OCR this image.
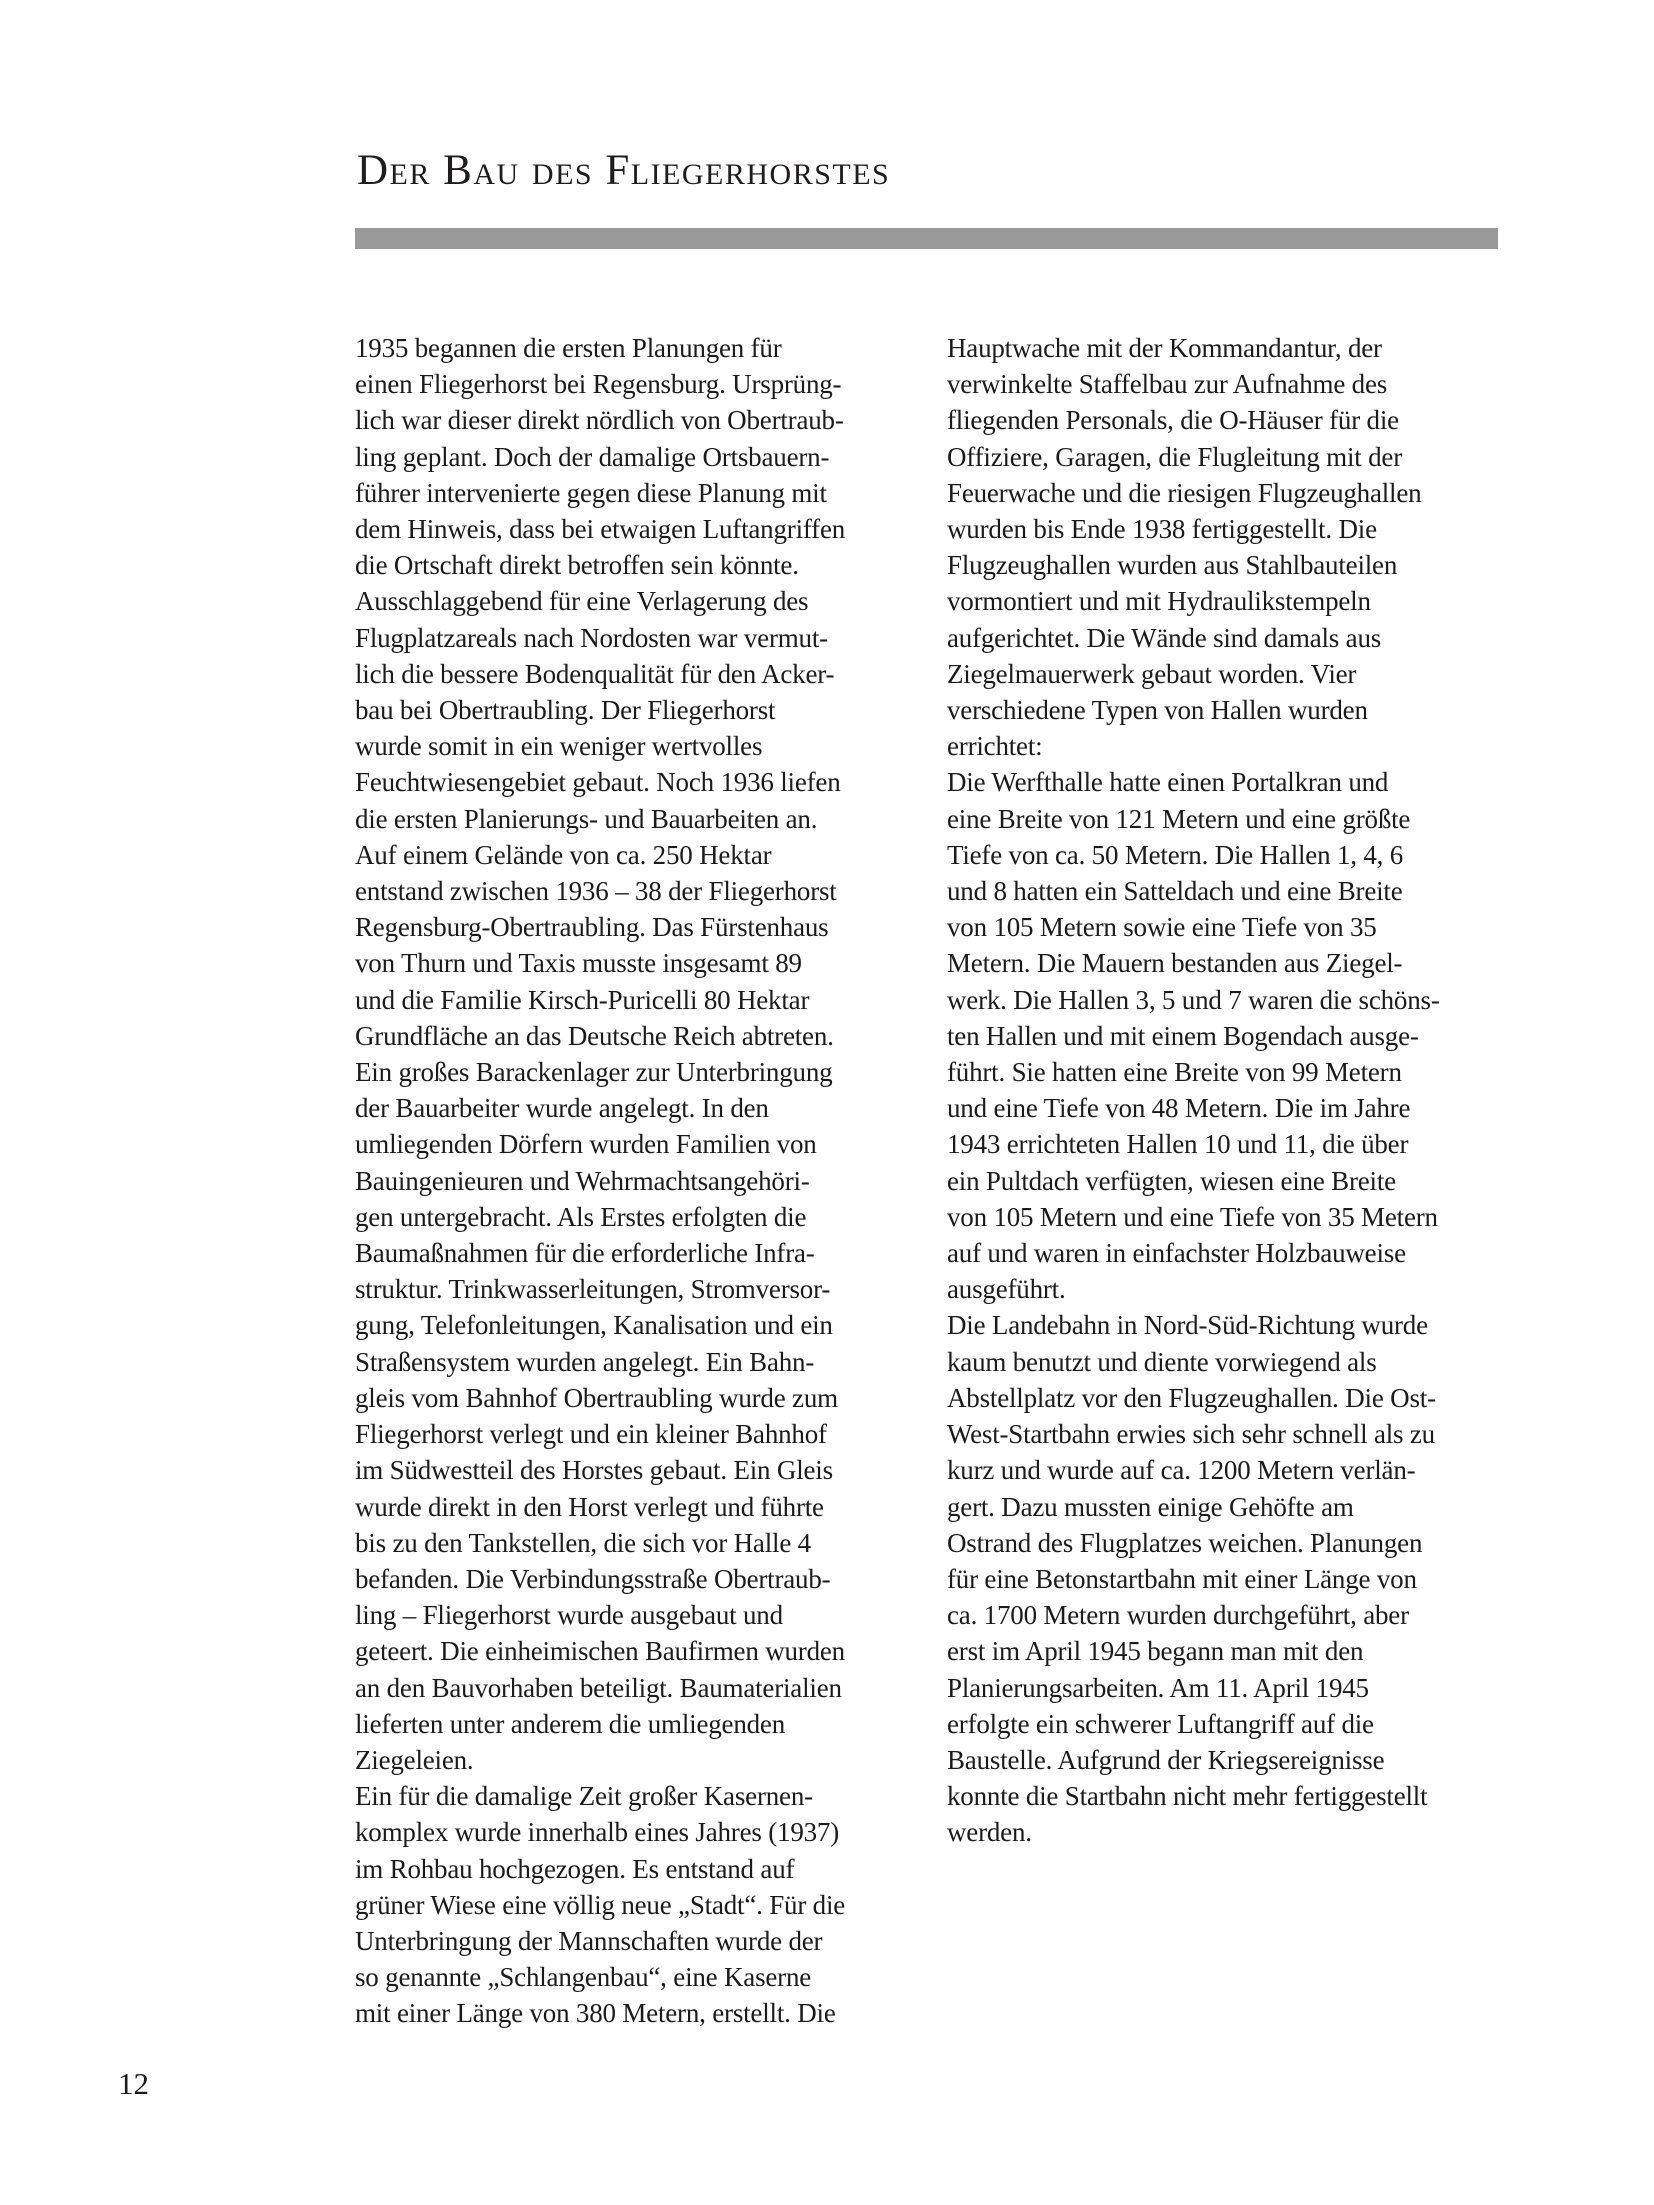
Der Bau des Fliegerhorstes
1935 begannen die ersten Planungen für
einen Fliegerhorst bei Regensburg. Ursprüng-
lich war dieser direkt nördlich von Obertraub-
ling geplant. Doch der damalige Ortsbauern-
führer intervenierte gegen diese Planung mit
dem Hinweis, dass bei etwaigen Luftangriffen
die Ortschaft direkt betroffen sein könnte.
Ausschlaggebend für eine Verlagerung des
Flugplatzareals nach Nordosten war vermut-
lich die bessere Bodenqualität für den Acker-
bau bei Obertraubling. Der Fliegerhorst
wurde somit in ein weniger wertvolles
Feuchtwiesengebiet gebaut. Noch 1936 liefen
die ersten Planierungs- und Bauarbeiten an.
Auf einem Gelände von ca. 250 Hektar
entstand zwischen 1936 – 38 der Fliegerhorst
Regensburg-Obertraubling. Das Fürstenhaus
von Thurn und Taxis musste insgesamt 89
und die Familie Kirsch-Puricelli 80 Hektar
Grundfläche an das Deutsche Reich abtreten.
Ein großes Barackenlager zur Unterbringung
der Bauarbeiter wurde angelegt. In den
umliegenden Dörfern wurden Familien von
Bauingenieuren und Wehrmachtsangehöri-
gen untergebracht. Als Erstes erfolgten die
Baumaßnahmen für die erforderliche Infra-
struktur. Trinkwasserleitungen, Stromversor-
gung, Telefonleitungen, Kanalisation und ein
Straßensystem wurden angelegt. Ein Bahn-
gleis vom Bahnhof Obertraubling wurde zum
Fliegerhorst verlegt und ein kleiner Bahnhof
im Südwestteil des Horstes gebaut. Ein Gleis
wurde direkt in den Horst verlegt und führte
bis zu den Tankstellen, die sich vor Halle 4
befanden. Die Verbindungsstraße Obertraub-
ling – Fliegerhorst wurde ausgebaut und
geteert. Die einheimischen Baufirmen wurden
an den Bauvorhaben beteiligt. Baumaterialien
lieferten unter anderem die umliegenden
Ziegeleien.
Ein für die damalige Zeit großer Kasernen-
komplex wurde innerhalb eines Jahres (1937)
im Rohbau hochgezogen. Es entstand auf
grüner Wiese eine völlig neue „Stadt“. Für die
Unterbringung der Mannschaften wurde der
so genannte „Schlangenbau“, eine Kaserne
mit einer Länge von 380 Metern, erstellt. Die
Hauptwache mit der Kommandantur, der
verwinkelte Staffelbau zur Aufnahme des
fliegenden Personals, die O-Häuser für die
Offiziere, Garagen, die Flugleitung mit der
Feuerwache und die riesigen Flugzeughallen
wurden bis Ende 1938 fertiggestellt. Die
Flugzeughallen wurden aus Stahlbauteilen
vormontiert und mit Hydraulikstempeln
aufgerichtet. Die Wände sind damals aus
Ziegelmauerwerk gebaut worden. Vier
verschiedene Typen von Hallen wurden
errichtet:
Die Werfthalle hatte einen Portalkran und
eine Breite von 121 Metern und eine größte
Tiefe von ca. 50 Metern. Die Hallen 1, 4, 6
und 8 hatten ein Satteldach und eine Breite
von 105 Metern sowie eine Tiefe von 35
Metern. Die Mauern bestanden aus Ziegel-
werk. Die Hallen 3, 5 und 7 waren die schöns-
ten Hallen und mit einem Bogendach ausge-
führt. Sie hatten eine Breite von 99 Metern
und eine Tiefe von 48 Metern. Die im Jahre
1943 errichteten Hallen 10 und 11, die über
ein Pultdach verfügten, wiesen eine Breite
von 105 Metern und eine Tiefe von 35 Metern
auf und waren in einfachster Holzbauweise
ausgeführt.
Die Landebahn in Nord-Süd-Richtung wurde
kaum benutzt und diente vorwiegend als
Abstellplatz vor den Flugzeughallen. Die Ost-
West-Startbahn erwies sich sehr schnell als zu
kurz und wurde auf ca. 1200 Metern verlän-
gert. Dazu mussten einige Gehöfte am
Ostrand des Flugplatzes weichen. Planungen
für eine Betonstartbahn mit einer Länge von
ca. 1700 Metern wurden durchgeführt, aber
erst im April 1945 begann man mit den
Planierungsarbeiten. Am 11. April 1945
erfolgte ein schwerer Luftangriff auf die
Baustelle. Aufgrund der Kriegsereignisse
konnte die Startbahn nicht mehr fertiggestellt
werden.
12
